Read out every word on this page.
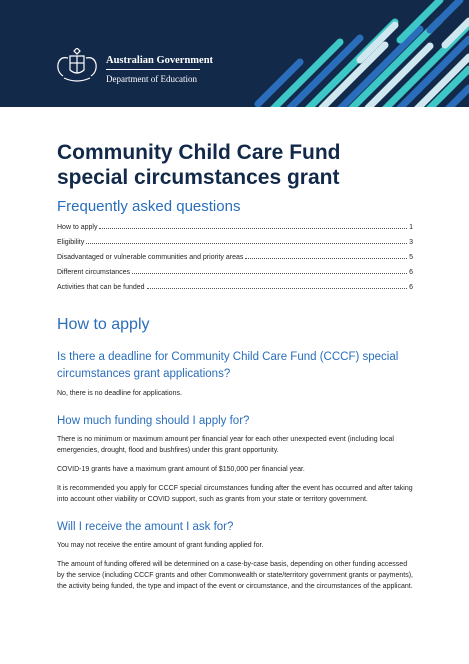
Australian Government
Department of Education
Community Child Care Fund special circumstances grant
Frequently asked questions
How to apply	1
Eligibility	3
Disadvantaged or vulnerable communities and priority areas	5
Different circumstances	6
Activities that can be funded	6
How to apply
Is there a deadline for Community Child Care Fund (CCCF) special circumstances grant applications?

No, there is no deadline for applications.

How much funding should I apply for?

There is no minimum or maximum amount per financial year for each other unexpected event (including local emergencies, drought, flood and bushfires) under this grant opportunity.

COVID-19 grants have a maximum grant amount of $150,000 per financial year.

It is recommended you apply for CCCF special circumstances funding after the event has occurred and after taking into account other viability or COVID support, such as grants from your state or territory government.

Will I receive the amount I ask for?

You may not receive the entire amount of grant funding applied for.

The amount of funding offered will be determined on a case-by-case basis, depending on other funding accessed by the service (including CCCF grants and other Commonwealth or state/territory government grants or payments), the activity being funded, the type and impact of the event or circumstance, and the circumstances of the applicant.
